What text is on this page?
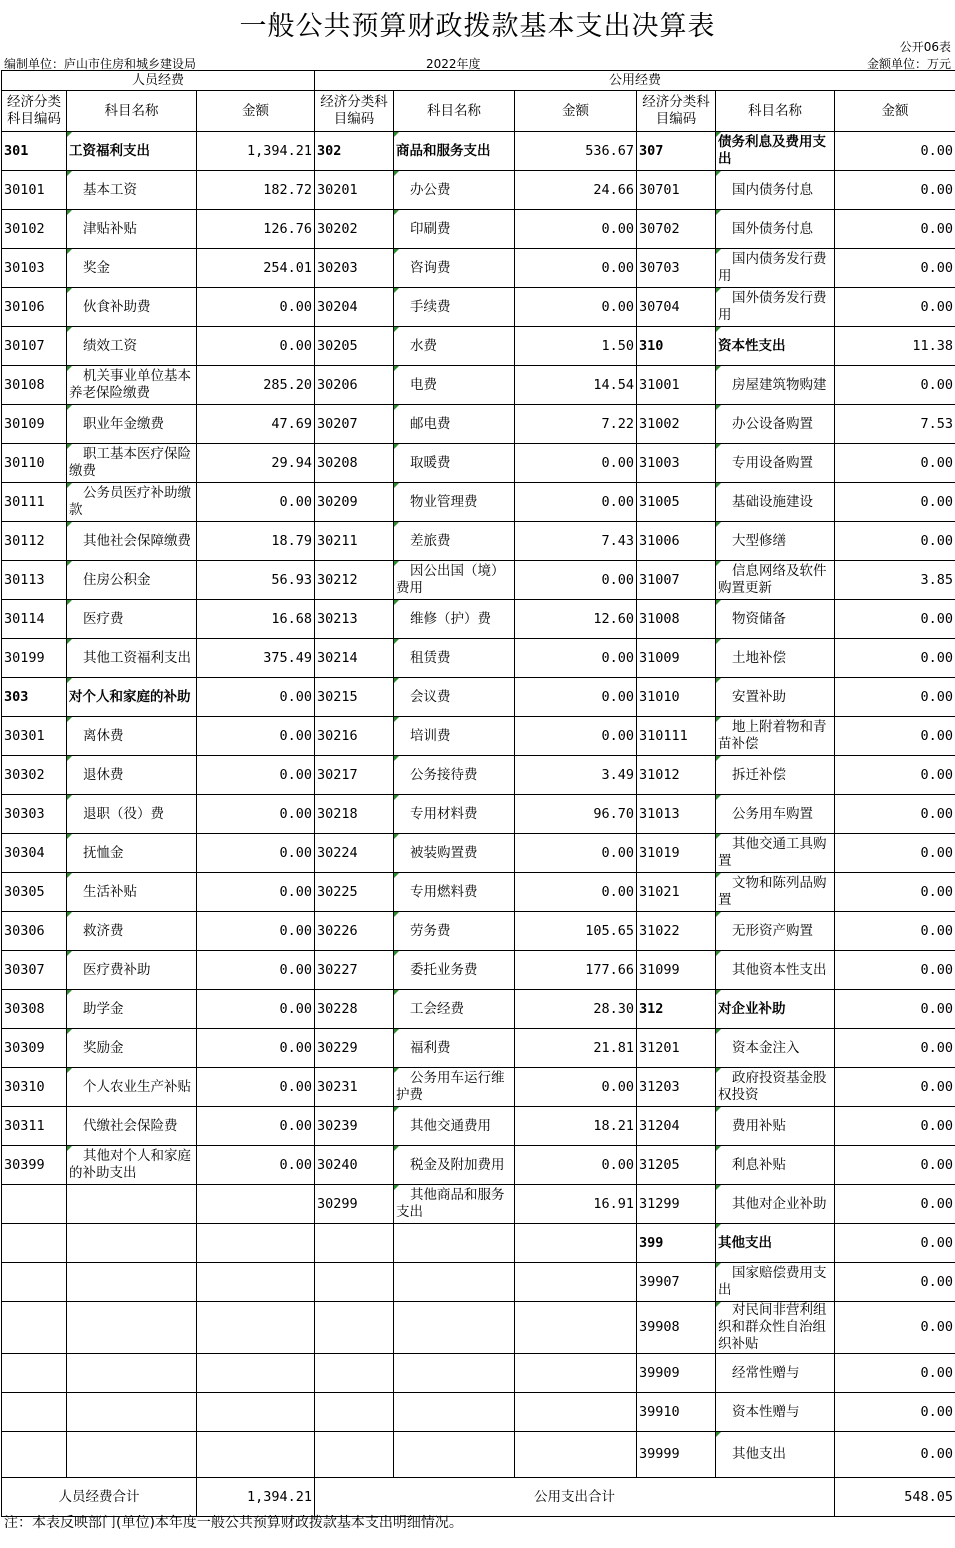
一般公共预算财政拨款基本支出决算表
公开06表
编制单位：庐山市住房和城乡建设局	2022年度	金额单位：万元
人员经费			公用经费					
经济分类科目编码	科目名称	金额	经济分类科目编码	科目名称	金额	经济分类科目编码	科目名称	金额
301	工资福利支出	1,394.21	302	商品和服务支出	536.67	307	债务利息及费用支出	0.00
30101	基本工资	182.72	30201	办公费	24.66	30701	国内债务付息	0.00
30102	津贴补贴	126.76	30202	印刷费	0.00	30702	国外债务付息	0.00
30103	奖金	254.01	30203	咨询费	0.00	30703	国内债务发行费用	0.00
30106	伙食补助费	0.00	30204	手续费	0.00	30704	国外债务发行费用	0.00
30107	绩效工资	0.00	30205	水费	1.50	310	资本性支出	11.38
30108	机关事业单位基本养老保险缴费	285.20	30206	电费	14.54	31001	房屋建筑物购建	0.00
30109	职业年金缴费	47.69	30207	邮电费	7.22	31002	办公设备购置	7.53
30110	职工基本医疗保险缴费	29.94	30208	取暖费	0.00	31003	专用设备购置	0.00
30111	公务员医疗补助缴款	0.00	30209	物业管理费	0.00	31005	基础设施建设	0.00
30112	其他社会保障缴费	18.79	30211	差旅费	7.43	31006	大型修缮	0.00
30113	住房公积金	56.93	30212	因公出国（境）费用	0.00	31007	信息网络及软件购置更新	3.85
30114	医疗费	16.68	30213	维修（护）费	12.60	31008	物资储备	0.00
30199	其他工资福利支出	375.49	30214	租赁费	0.00	31009	土地补偿	0.00
303	对个人和家庭的补助	0.00	30215	会议费	0.00	31010	安置补助	0.00
30301	离休费	0.00	30216	培训费	0.00	310111	地上附着物和青苗补偿	0.00
30302	退休费	0.00	30217	公务接待费	3.49	31012	拆迁补偿	0.00
30303	退职（役）费	0.00	30218	专用材料费	96.70	31013	公务用车购置	0.00
30304	抚恤金	0.00	30224	被装购置费	0.00	31019	其他交通工具购置	0.00
30305	生活补贴	0.00	30225	专用燃料费	0.00	31021	文物和陈列品购置	0.00
30306	救济费	0.00	30226	劳务费	105.65	31022	无形资产购置	0.00
30307	医疗费补助	0.00	30227	委托业务费	177.66	31099	其他资本性支出	0.00
30308	助学金	0.00	30228	工会经费	28.30	312	对企业补助	0.00
30309	奖励金	0.00	30229	福利费	21.81	31201	资本金注入	0.00
30310	个人农业生产补贴	0.00	30231	公务用车运行维护费	0.00	31203	政府投资基金股权投资	0.00
30311	代缴社会保险费	0.00	30239	其他交通费用	18.21	31204	费用补贴	0.00
30399	其他对个人和家庭的补助支出	0.00	30240	税金及附加费用	0.00	31205	利息补贴	0.00
			30299	其他商品和服务支出	16.91	31299	其他对企业补助	0.00
						399	其他支出	0.00
						39907	国家赔偿费用支出	0.00
						39908	对民间非营利组织和群众性自治组织补贴	0.00
						39909	经常性赠与	0.00
						39910	资本性赠与	0.00
						39999	其他支出	0.00
人员经费合计		1,394.21	公用支出合计					548.05
注：本表反映部门(单位)本年度一般公共预算财政拨款基本支出明细情况。
